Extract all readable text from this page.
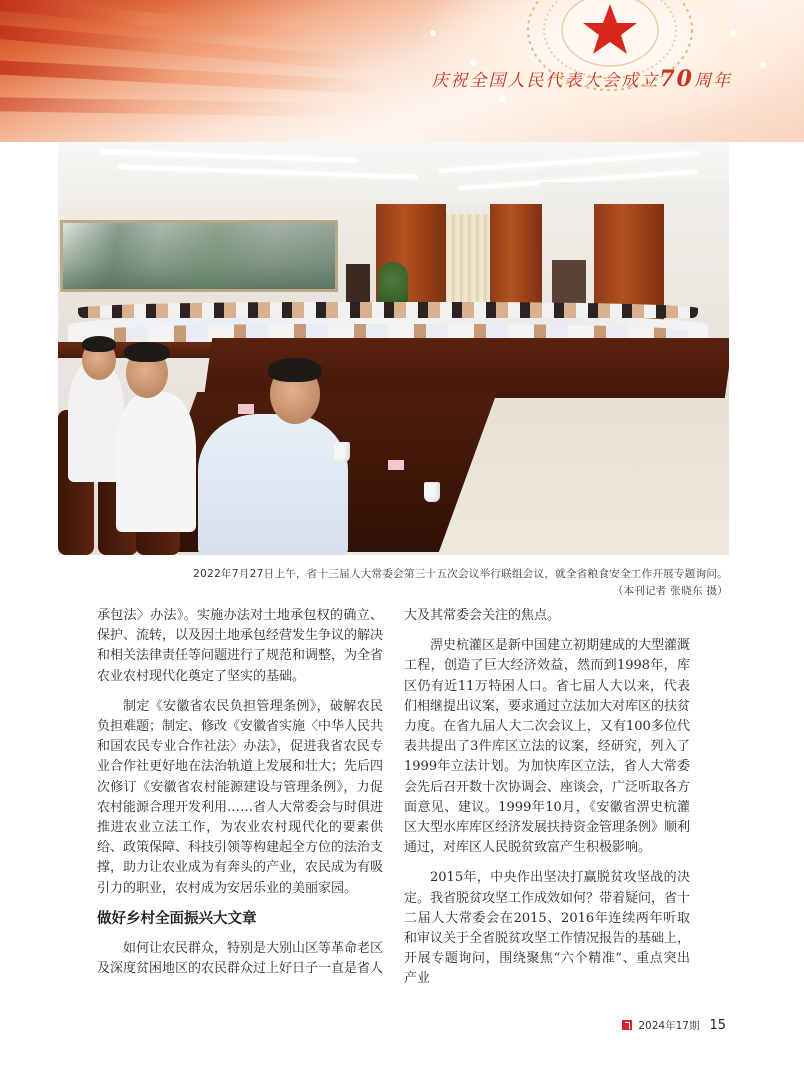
庆祝全国人民代表大会成立70周年
2022年7月27日上午，省十三届人大常委会第三十五次会议举行联组会议，就全省粮食安全工作开展专题询问。
（本刊记者 张晓东 摄）

承包法〉办法》。实施办法对土地承包权的确立、保护、流转，以及因土地承包经营发生争议的解决和相关法律责任等问题进行了规范和调整，为全省农业农村现代化奠定了坚实的基础。

制定《安徽省农民负担管理条例》，破解农民负担难题；制定、修改《安徽省实施〈中华人民共和国农民专业合作社法〉办法》，促进我省农民专业合作社更好地在法治轨道上发展和壮大；先后四次修订《安徽省农村能源建设与管理条例》，力促农村能源合理开发利用……省人大常委会与时俱进推进农业立法工作，为农业农村现代化的要素供给、政策保障、科技引领等构建起全方位的法治支撑，助力让农业成为有奔头的产业，农民成为有吸引力的职业，农村成为安居乐业的美丽家园。

做好乡村全面振兴大文章

如何让农民群众，特别是大别山区等革命老区及深度贫困地区的农民群众过上好日子一直是省人

大及其常委会关注的焦点。

淠史杭灌区是新中国建立初期建成的大型灌溉工程，创造了巨大经济效益，然而到1998年，库区仍有近11万特困人口。省七届人大以来，代表们相继提出议案，要求通过立法加大对库区的扶贫力度。在省九届人大二次会议上，又有100多位代表共提出了3件库区立法的议案，经研究，列入了1999年立法计划。为加快库区立法，省人大常委会先后召开数十次协调会、座谈会，广泛听取各方面意见、建议。1999年10月，《安徽省淠史杭灌区大型水库库区经济发展扶持资金管理条例》顺利通过，对库区人民脱贫致富产生积极影响。

2015年，中央作出坚决打赢脱贫攻坚战的决定。我省脱贫攻坚工作成效如何？带着疑问，省十二届人大常委会在2015、2016年连续两年听取和审议关于全省脱贫攻坚工作情况报告的基础上，开展专题询问，围绕聚焦“六个精准”、重点突出产业

2024年17期 15
